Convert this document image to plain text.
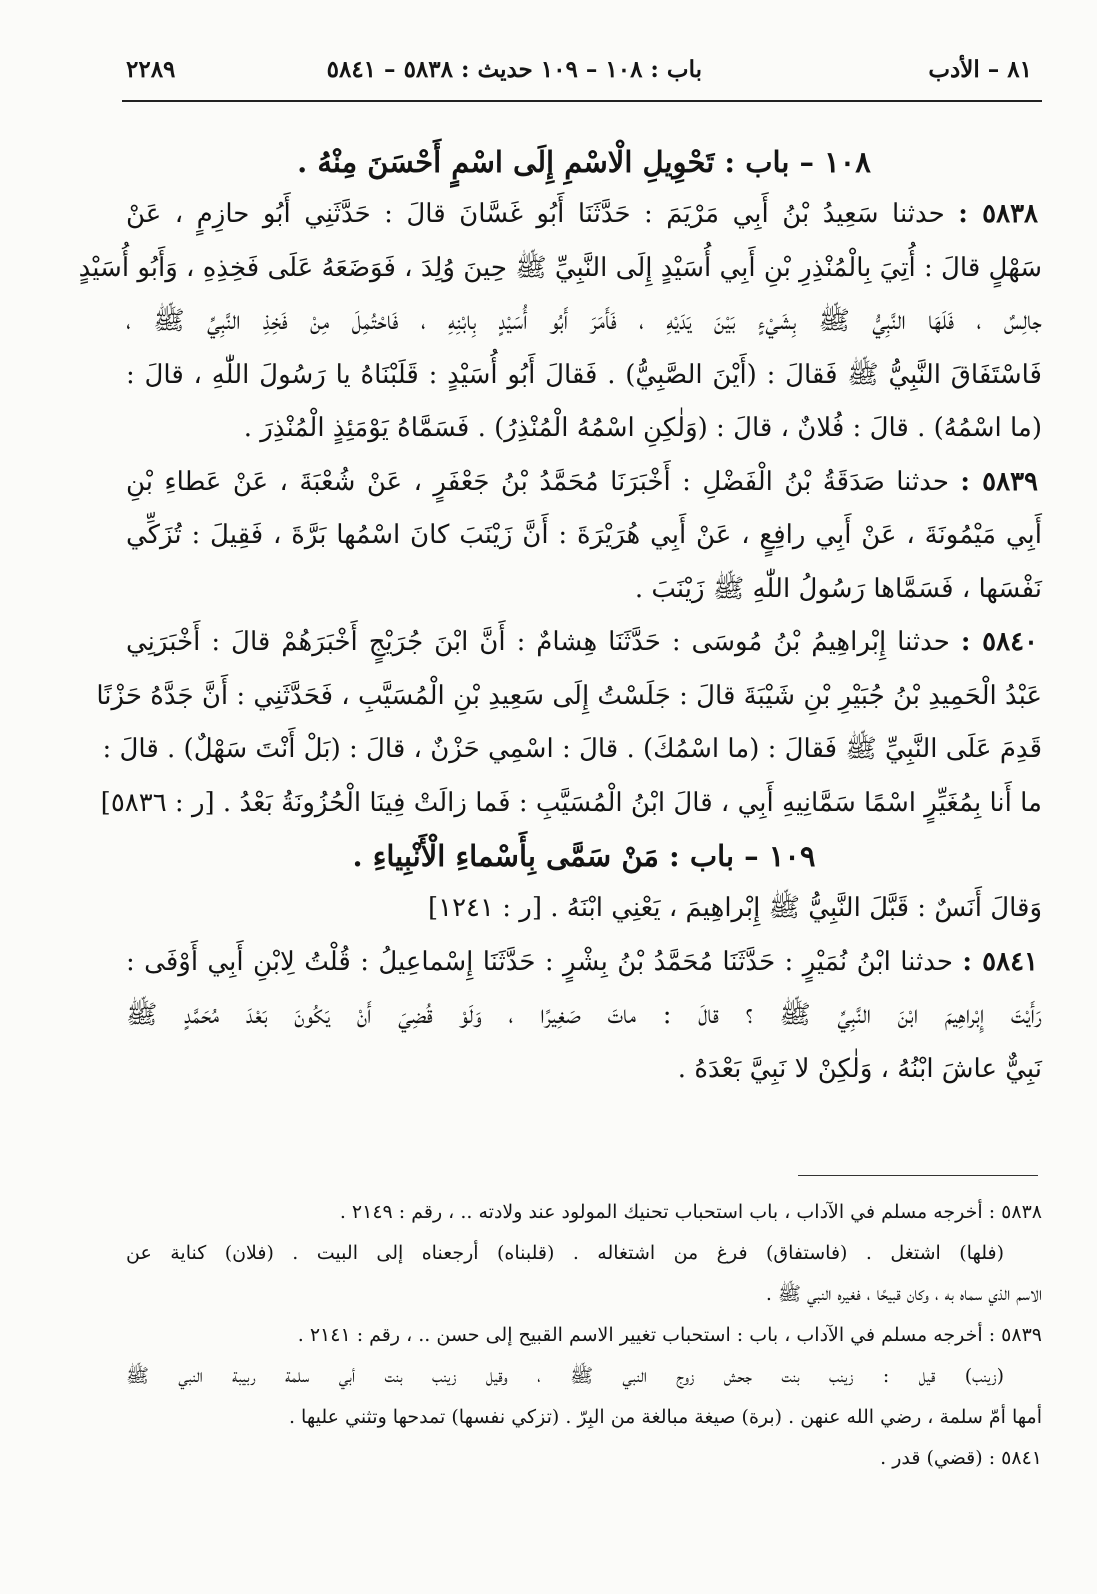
٨١ – الأدب
باب : ١٠٨ – ١٠٩ حديث : ٥٨٣٨ – ٥٨٤١
٢٢٨٩
١٠٨ – باب : تَحْوِيلِ الْاسْمِ إِلَى اسْمٍ أَحْسَنَ مِنْهُ .
٥٨٣٨ : حدثنا سَعِيدُ بْنُ أَبِي مَرْيَمَ : حَدَّثَنَا أَبُو غَسَّانَ قالَ : حَدَّثَنِي أَبُو حازِمٍ ، عَنْ
سَهْلٍ قالَ : أُتِيَ بِالْمُنْذِرِ بْنِ أَبِي أُسَيْدٍ إِلَى النَّبِيِّ ﷺ حِينَ وُلِدَ ، فَوَضَعَهُ عَلَى فَخِذِهِ ، وَأَبُو أُسَيْدٍ
جالِسٌ ، فَلَهَا النَّبِيُّ ﷺ بِشَيْءٍ بَيْنَ يَدَيْهِ ، فَأَمَرَ أَبُو أُسَيْدٍ بِابْنِهِ ، فَاحْتُمِلَ مِنْ فَخِذِ النَّبِيِّ ﷺ ،
فَاسْتَفَاقَ النَّبِيُّ ﷺ فَقالَ : (أَيْنَ الصَّبِيُّ) . فَقالَ أَبُو أُسَيْدٍ : قَلَبْنَاهُ يا رَسُولَ اللّٰهِ ، قالَ :
(ما اسْمُهُ) . قالَ : فُلانٌ ، قالَ : (وَلٰكِنِ اسْمُهُ الْمُنْذِرُ) . فَسَمَّاهُ يَوْمَئِذٍ الْمُنْذِرَ .
٥٨٣٩ : حدثنا صَدَقَةُ بْنُ الْفَضْلِ : أَخْبَرَنَا مُحَمَّدُ بْنُ جَعْفَرٍ ، عَنْ شُعْبَةَ ، عَنْ عَطاءِ بْنِ
أَبِي مَيْمُونَةَ ، عَنْ أَبِي رافِعٍ ، عَنْ أَبِي هُرَيْرَةَ : أَنَّ زَيْنَبَ كانَ اسْمُها بَرَّةَ ، فَقِيلَ : تُزَكِّي
نَفْسَها ، فَسَمَّاها رَسُولُ اللّٰهِ ﷺ زَيْنَبَ .
٥٨٤٠ : حدثنا إِبْراهِيمُ بْنُ مُوسَى : حَدَّثَنَا هِشامٌ : أَنَّ ابْنَ جُرَيْجٍ أَخْبَرَهُمْ قالَ : أَخْبَرَنِي
عَبْدُ الْحَمِيدِ بْنُ جُبَيْرِ بْنِ شَيْبَةَ قالَ : جَلَسْتُ إِلَى سَعِيدِ بْنِ الْمُسَيَّبِ ، فَحَدَّثَنِي : أَنَّ جَدَّهُ حَزْنًا
قَدِمَ عَلَى النَّبِيِّ ﷺ فَقالَ : (ما اسْمُكَ) . قالَ : اسْمِي حَزْنٌ ، قالَ : (بَلْ أَنْتَ سَهْلٌ) . قالَ :
ما أَنا بِمُغَيِّرٍ اسْمًا سَمَّانِيهِ أَبِي ، قالَ ابْنُ الْمُسَيَّبِ : فَما زالَتْ فِينَا الْحُزُونَةُ بَعْدُ . [ر : ٥٨٣٦]
١٠٩ – باب : مَنْ سَمَّى بِأَسْماءِ الْأَنْبِياءِ .
وَقالَ أَنَسٌ : قَبَّلَ النَّبِيُّ ﷺ إِبْراهِيمَ ، يَعْنِي ابْنَهُ . [ر : ١٢٤١]
٥٨٤١ : حدثنا ابْنُ نُمَيْرٍ : حَدَّثَنَا مُحَمَّدُ بْنُ بِشْرٍ : حَدَّثَنَا إِسْماعِيلُ : قُلْتُ لِابْنِ أَبِي أَوْفَى :
رَأَيْتَ إِبْراهِيمَ ابْنَ النَّبِيِّ ﷺ ؟ قالَ : ماتَ صَغِيرًا ، وَلَوْ قُضِيَ أَنْ يَكُونَ بَعْدَ مُحَمَّدٍ ﷺ
نَبِيٌّ عاشَ ابْنُهُ ، وَلٰكِنْ لا نَبِيَّ بَعْدَهُ .
٥٨٣٨ : أخرجه مسلم في الآداب ، باب استحباب تحنيك المولود عند ولادته .. ، رقم : ٢١٤٩ .
(فلها) اشتغل . (فاستفاق) فرغ من اشتغاله . (قلبناه) أرجعناه إلى البيت . (فلان) كناية عن
الاسم الذي سماه به ، وكان قبيحًا ، فغيره النبي ﷺ .
٥٨٣٩ : أخرجه مسلم في الآداب ، باب : استحباب تغيير الاسم القبيح إلى حسن .. ، رقم : ٢١٤١ .
(زينب) قيل : زينب بنت جحش زوج النبي ﷺ ، وقيل زينب بنت أبي سلمة ربيبة النبي ﷺ
أمها أمّ سلمة ، رضي الله عنهن . (برة) صيغة مبالغة من البِرّ . (تزكي نفسها) تمدحها وتثني عليها .
٥٨٤١ : (قضي) قدر .
